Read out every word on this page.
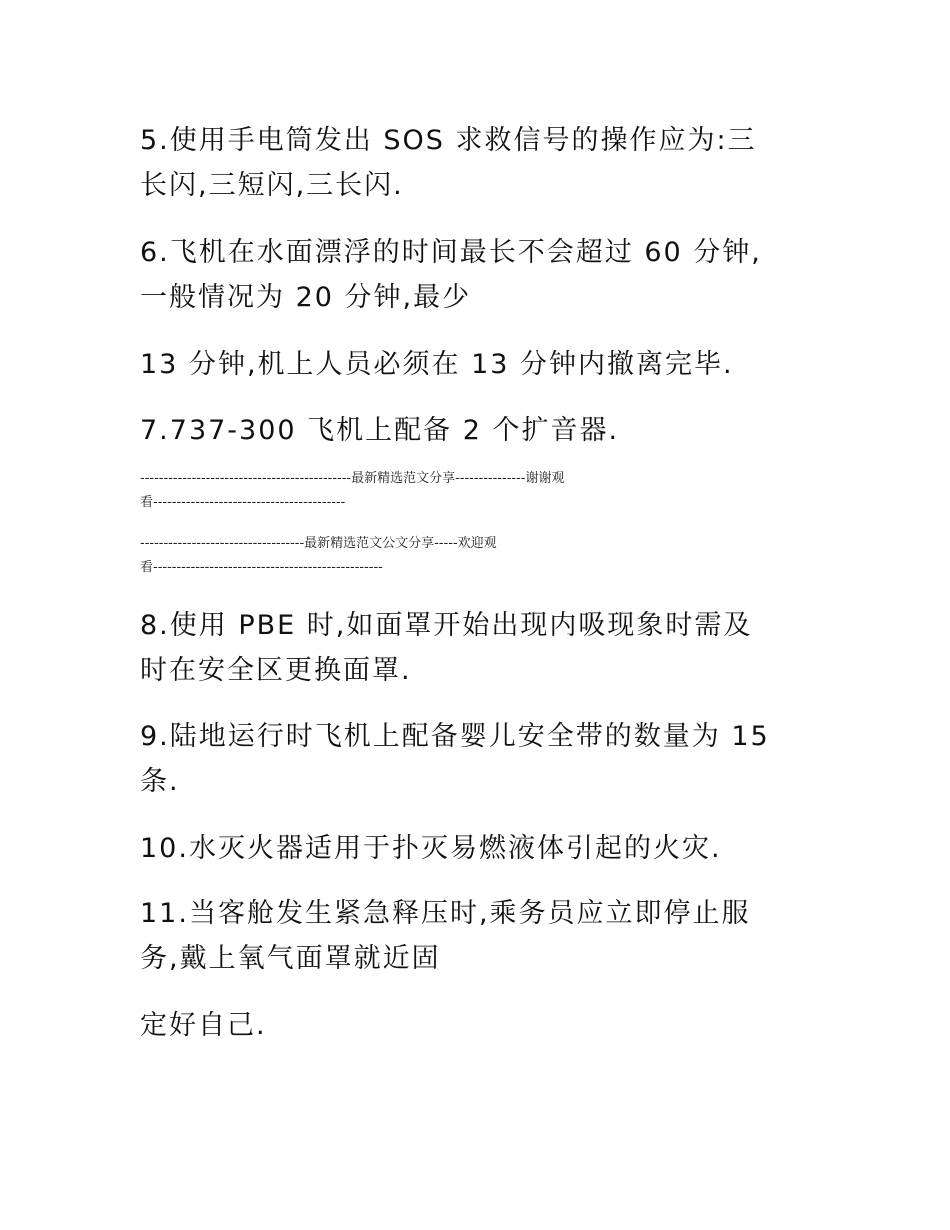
5.使用手电筒发出 SOS 求救信号的操作应为:三
长闪,三短闪,三长闪.

6.飞机在水面漂浮的时间最长不会超过 60 分钟,
一般情况为 20 分钟,最少

13 分钟,机上人员必须在 13 分钟内撤离完毕.

7.737-300 飞机上配备 2 个扩音器.

---------------------------------------------最新精选范文分享---------------谢谢观
看-----------------------------------------
-----------------------------------最新精选范文公文分享-----欢迎观
看-------------------------------------------------

8.使用 PBE 时,如面罩开始出现内吸现象时需及
时在安全区更换面罩.

9.陆地运行时飞机上配备婴儿安全带的数量为 15
条.

10.水灭火器适用于扑灭易燃液体引起的火灾.

11.当客舱发生紧急释压时,乘务员应立即停止服
务,戴上氧气面罩就近固

定好自己.
